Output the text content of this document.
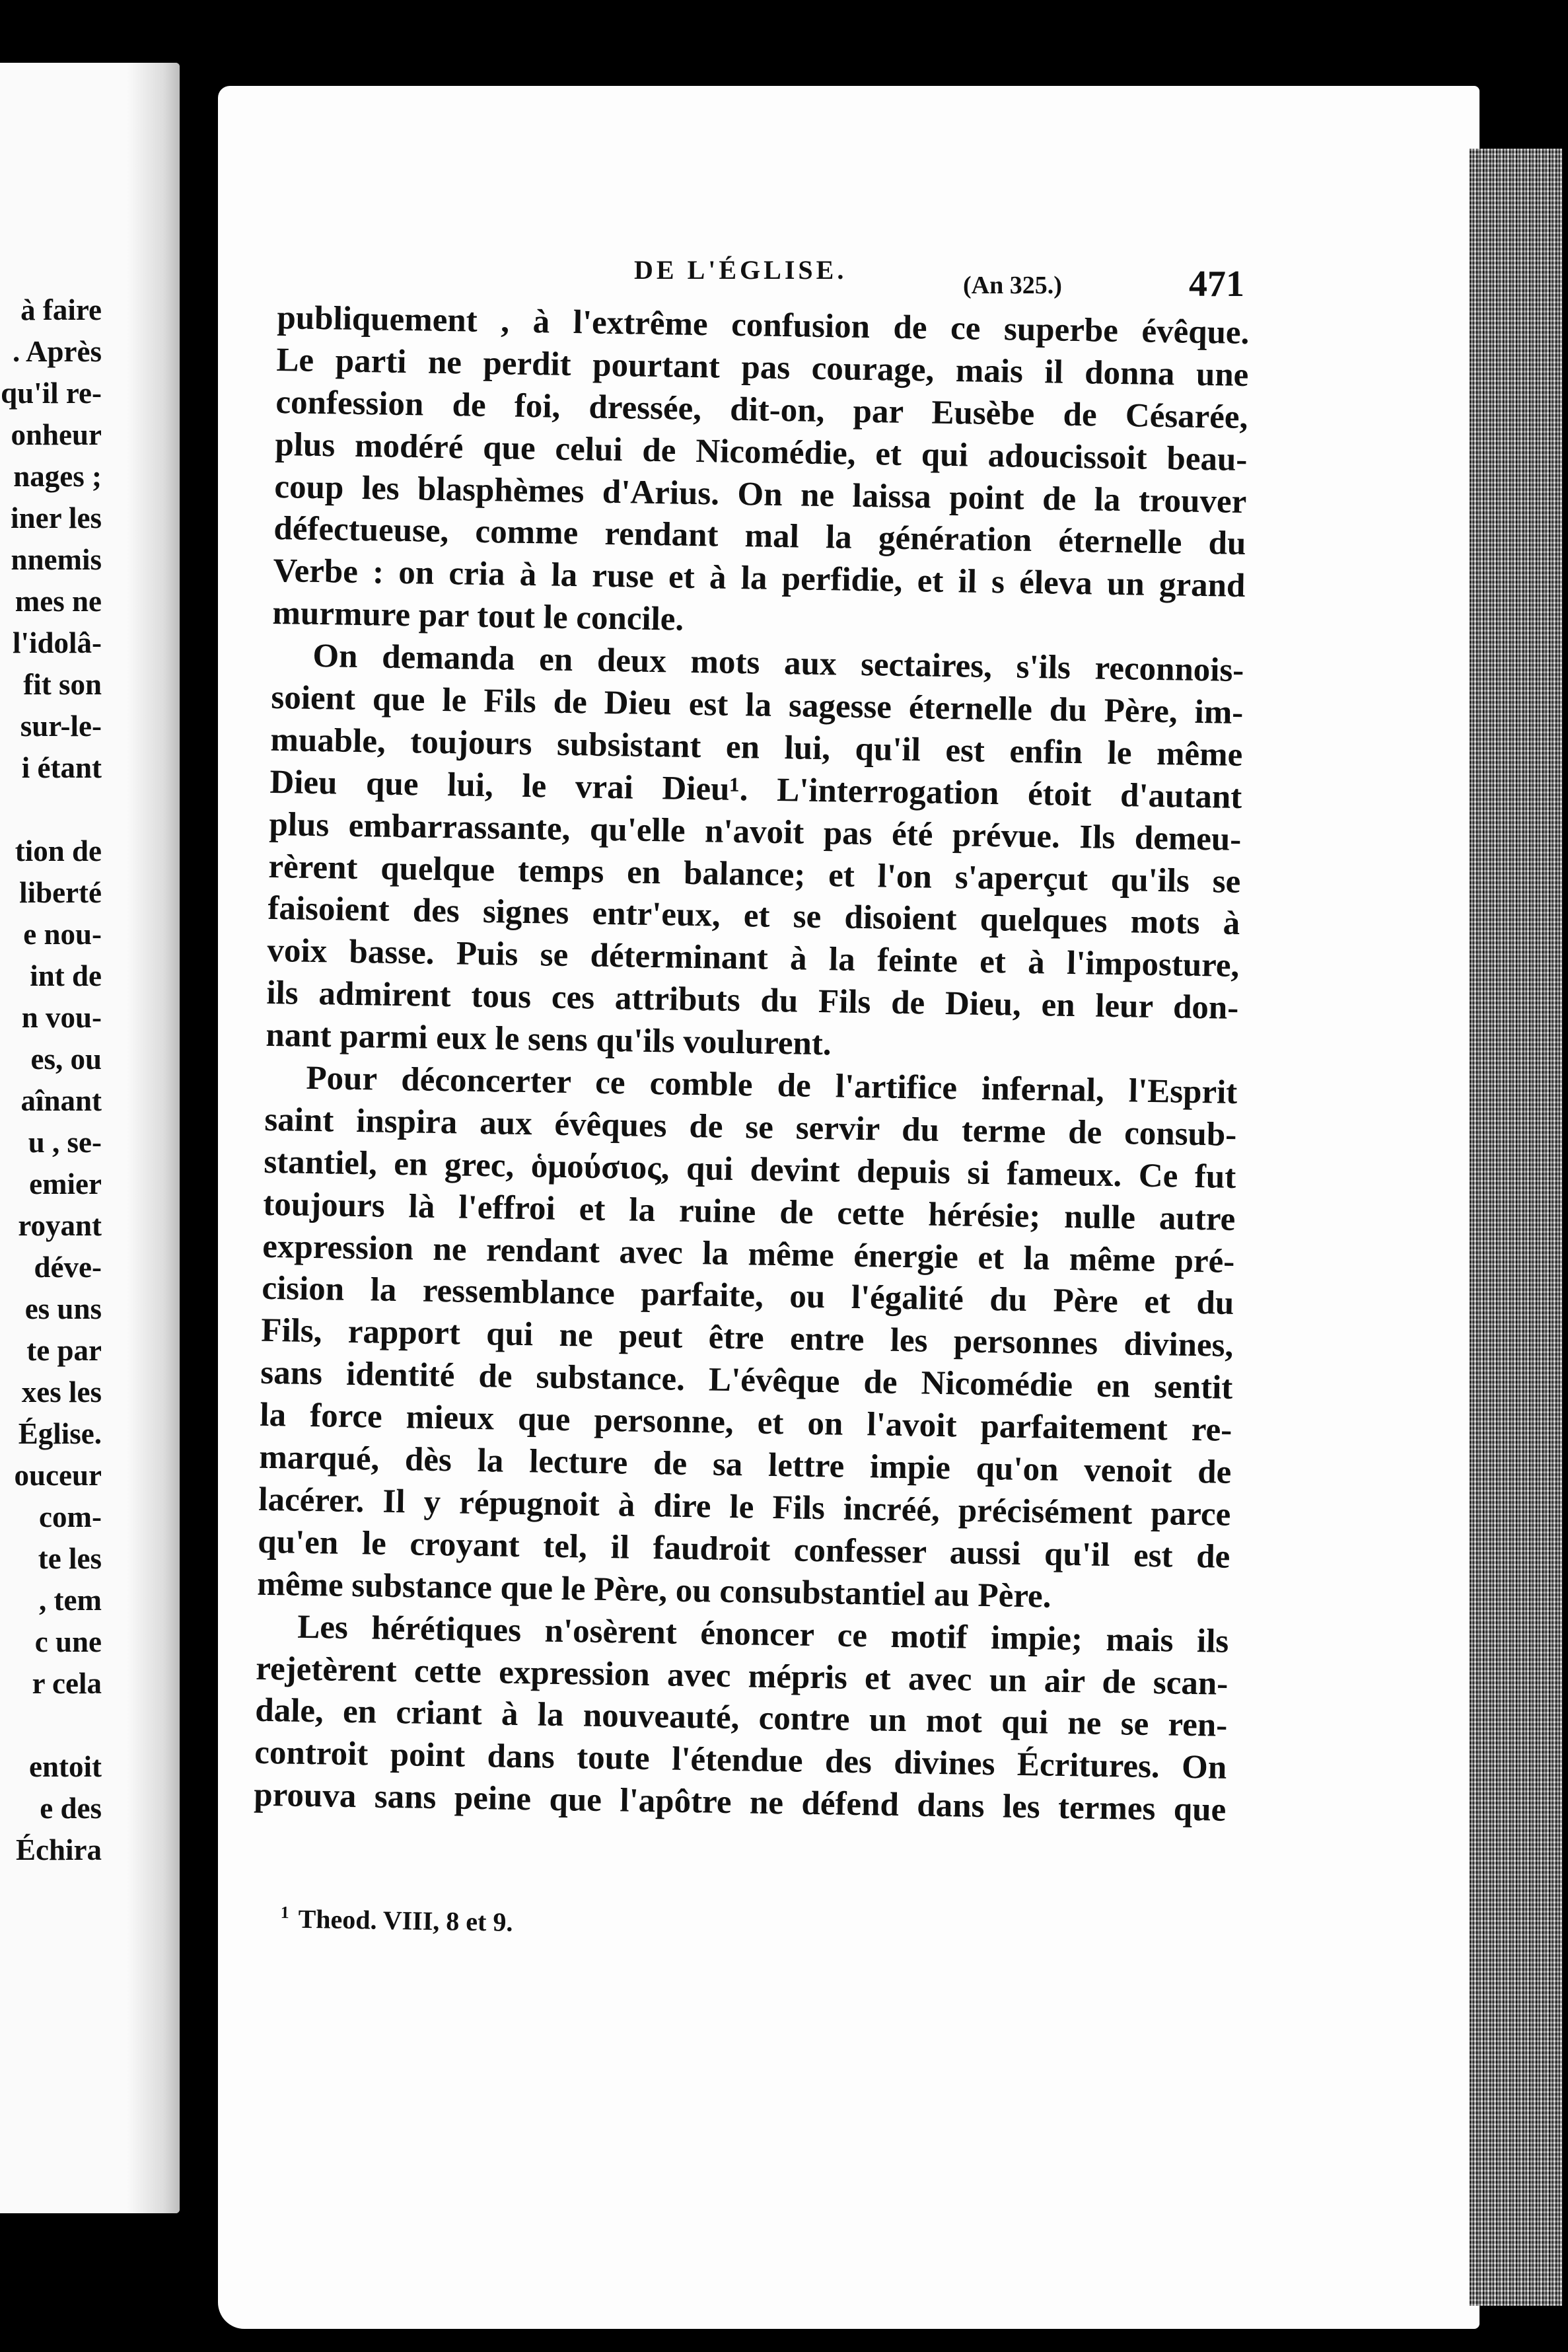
à faire
. Après
qu'il re-
onheur
nages ;
iner les
nnemis
mes ne
l'idolâ-
fit son
sur-le-
i étant

tion de
liberté
e nou-
int de
n vou-
es, ou
aînant
u , se-
emier
royant
déve-
es uns
te par
xes les
Église.
ouceur
com-
te les
, tem
c une
r cela

entoit
e des
Échira
DE L'ÉGLISE.
(An 325.)	471
publiquement , à l'extrême confusion de ce superbe évêque.
Le parti ne perdit pourtant pas courage, mais il donna une
confession de foi, dressée, dit-on, par Eusèbe de Césarée,
plus modéré que celui de Nicomédie, et qui adoucissoit beau-
coup les blasphèmes d'Arius. On ne laissa point de la trouver
défectueuse, comme rendant mal la génération éternelle du
Verbe : on cria à la ruse et à la perfidie, et il s éleva un grand
murmure par tout le concile.
On demanda en deux mots aux sectaires, s'ils reconnois-
soient que le Fils de Dieu est la sagesse éternelle du Père, im-
muable, toujours subsistant en lui, qu'il est enfin le même
Dieu que lui, le vrai Dieu¹. L'interrogation étoit d'autant
plus embarrassante, qu'elle n'avoit pas été prévue. Ils demeu-
rèrent quelque temps en balance; et l'on s'aperçut qu'ils se
faisoient des signes entr'eux, et se disoient quelques mots à
voix basse. Puis se déterminant à la feinte et à l'imposture,
ils admirent tous ces attributs du Fils de Dieu, en leur don-
nant parmi eux le sens qu'ils voulurent.
Pour déconcerter ce comble de l'artifice infernal, l'Esprit
saint inspira aux évêques de se servir du terme de consub-
stantiel, en grec, ὁμούσιος, qui devint depuis si fameux. Ce fut
toujours là l'effroi et la ruine de cette hérésie; nulle autre
expression ne rendant avec la même énergie et la même pré-
cision la ressemblance parfaite, ou l'égalité du Père et du
Fils, rapport qui ne peut être entre les personnes divines,
sans identité de substance. L'évêque de Nicomédie en sentit
la force mieux que personne, et on l'avoit parfaitement re-
marqué, dès la lecture de sa lettre impie qu'on venoit de
lacérer. Il y répugnoit à dire le Fils incréé, précisément parce
qu'en le croyant tel, il faudroit confesser aussi qu'il est de
même substance que le Père, ou consubstantiel au Père.
Les hérétiques n'osèrent énoncer ce motif impie; mais ils
rejetèrent cette expression avec mépris et avec un air de scan-
dale, en criant à la nouveauté, contre un mot qui ne se ren-
controit point dans toute l'étendue des divines Écritures. On
prouva sans peine que l'apôtre ne défend dans les termes que
$^1$ Theod. VIII, 8 et 9.
